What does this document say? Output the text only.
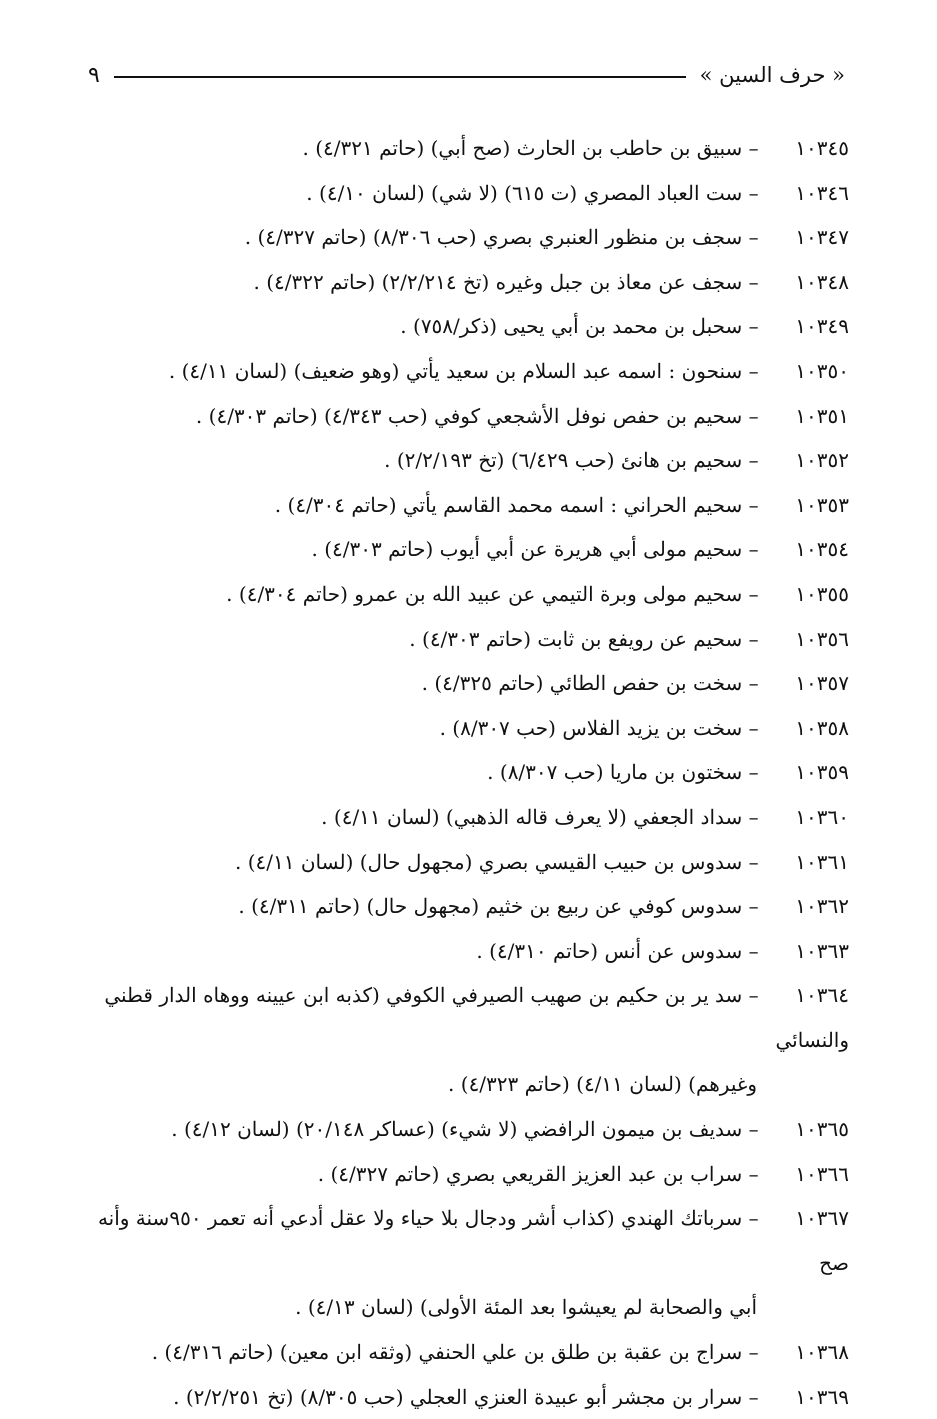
« حرف السين »
٩
١٠٣٤٥ – سبيق بن حاطب بن الحارث (صح أبي) (حاتم ٤/٣٢١) .
١٠٣٤٦ – ست العباد المصري (ت ٦١٥) (لا شي) (لسان ٤/١٠) .
١٠٣٤٧ – سجف بن منظور العنبري بصري (حب ٨/٣٠٦) (حاتم ٤/٣٢٧) .
١٠٣٤٨ – سجف عن معاذ بن جبل وغيره (تخ ٢/٢/٢١٤) (حاتم ٤/٣٢٢) .
١٠٣٤٩ – سحبل بن محمد بن أبي يحيى (ذكر/٧٥٨) .
١٠٣٥٠ – سنحون : اسمه عبد السلام بن سعيد يأتي (وهو ضعيف) (لسان ٤/١١) .
١٠٣٥١ – سحيم بن حفص نوفل الأشجعي كوفي (حب ٤/٣٤٣) (حاتم ٤/٣٠٣) .
١٠٣٥٢ – سحيم بن هانئ (حب ٦/٤٢٩) (تخ ٢/٢/١٩٣) .
١٠٣٥٣ – سحيم الحراني : اسمه محمد القاسم يأتي (حاتم ٤/٣٠٤) .
١٠٣٥٤ – سحيم مولى أبي هريرة عن أبي أيوب (حاتم ٤/٣٠٣) .
١٠٣٥٥ – سحيم مولى وبرة التيمي عن عبيد الله بن عمرو (حاتم ٤/٣٠٤) .
١٠٣٥٦ – سحيم عن رويفع بن ثابت (حاتم ٤/٣٠٣) .
١٠٣٥٧ – سخت بن حفص الطائي (حاتم ٤/٣٢٥) .
١٠٣٥٨ – سخت بن يزيد الفلاس (حب ٨/٣٠٧) .
١٠٣٥٩ – سختون بن ماريا (حب ٨/٣٠٧) .
١٠٣٦٠ – سداد الجعفي (لا يعرف قاله الذهبي) (لسان ٤/١١) .
١٠٣٦١ – سدوس بن حبيب القيسي بصري (مجهول حال) (لسان ٤/١١) .
١٠٣٦٢ – سدوس كوفي عن ربيع بن خثيم (مجهول حال) (حاتم ٤/٣١١) .
١٠٣٦٣ – سدوس عن أنس (حاتم ٤/٣١٠) .
١٠٣٦٤ – سد ير بن حكيم بن صهيب الصيرفي الكوفي (كذبه ابن عيينه ووهاه الدار قطني والنسائي
وغيرهم) (لسان ٤/١١) (حاتم ٤/٣٢٣) .
١٠٣٦٥ – سديف بن ميمون الرافضي (لا شيء) (عساكر ٢٠/١٤٨) (لسان ٤/١٢) .
١٠٣٦٦ – سراب بن عبد العزيز القريعي بصري (حاتم ٤/٣٢٧) .
١٠٣٦٧ – سرباتك الهندي (كذاب أشر ودجال بلا حياء ولا عقل أدعي أنه تعمر ٩٥٠سنة وأنه صح
أبي والصحابة لم يعيشوا بعد المئة الأولى) (لسان ٤/١٣) .
١٠٣٦٨ – سراج بن عقبة بن طلق بن علي الحنفي (وثقه ابن معين) (حاتم ٤/٣١٦) .
١٠٣٦٩ – سرار بن مجشر أبو عبيدة العنزي العجلي (حب ٨/٣٠٥) (تخ ٢/٢/٢٥١) .
